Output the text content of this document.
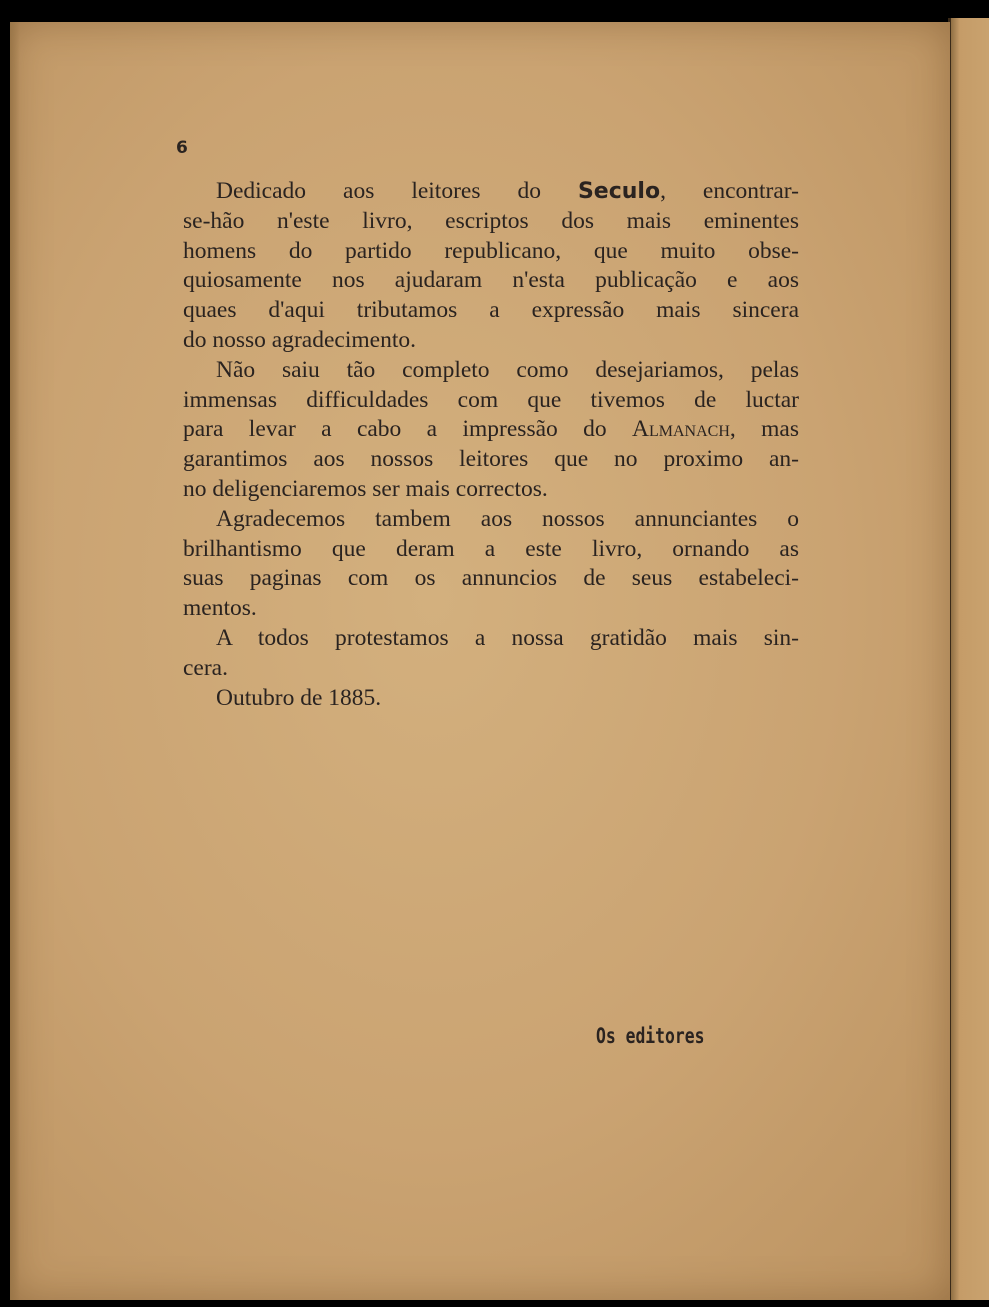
6
Dedicado aos leitores do Seculo, encontrar-
se-hão n'este livro, escriptos dos mais eminentes
homens do partido republicano, que muito obse-
quiosamente nos ajudaram n'esta publicação e aos
quaes d'aqui tributamos a expressão mais sincera
do nosso agradecimento.
Não saiu tão completo como desejariamos, pelas
immensas difficuldades com que tivemos de luctar
para levar a cabo a impressão do Almanach, mas
garantimos aos nossos leitores que no proximo an-
no deligenciaremos ser mais correctos.
Agradecemos tambem aos nossos annunciantes o
brilhantismo que deram a este livro, ornando as
suas paginas com os annuncios de seus estabeleci-
mentos.
A todos protestamos a nossa gratidão mais sin-
cera.
Outubro de 1885.
Os editores
